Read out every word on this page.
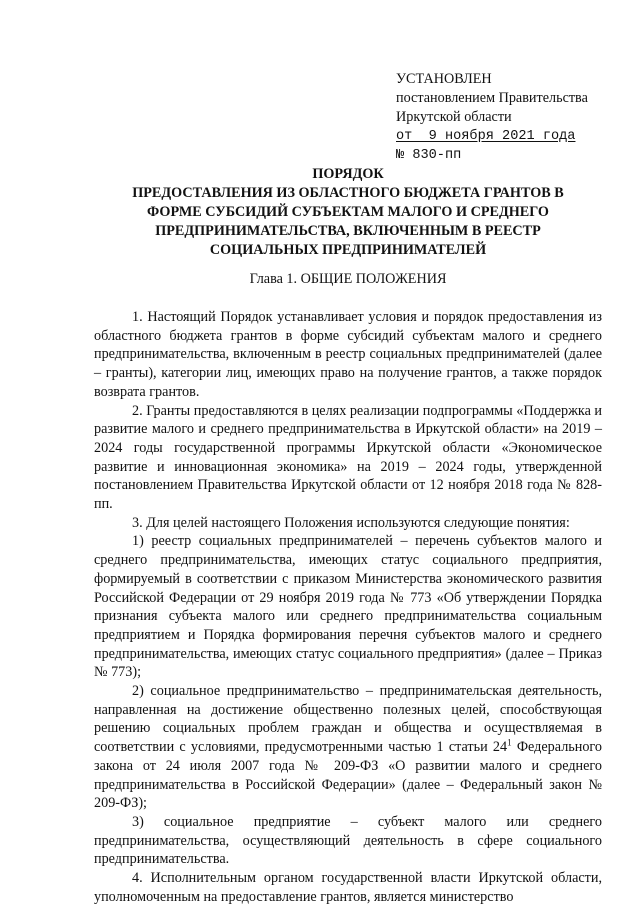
УСТАНОВЛЕН
постановлением Правительства
Иркутской области
от  9 ноября 2021 года
№ 830-пп
ПОРЯДОК
ПРЕДОСТАВЛЕНИЯ ИЗ ОБЛАСТНОГО БЮДЖЕТА ГРАНТОВ В
ФОРМЕ СУБСИДИЙ СУБЪЕКТАМ МАЛОГО И СРЕДНЕГО
ПРЕДПРИНИМАТЕЛЬСТВА, ВКЛЮЧЕННЫМ В РЕЕСТР
СОЦИАЛЬНЫХ ПРЕДПРИНИМАТЕЛЕЙ
Глава 1. ОБЩИЕ ПОЛОЖЕНИЯ

1. Настоящий Порядок устанавливает условия и порядок предоставления из областного бюджета грантов в форме субсидий субъектам малого и среднего предпринимательства, включенным в реестр социальных предпринимателей (далее – гранты), категории лиц, имеющих право на получение грантов, а также порядок возврата грантов.

2. Гранты предоставляются в целях реализации подпрограммы «Поддержка и развитие малого и среднего предпринимательства в Иркутской области» на 2019 – 2024 годы государственной программы Иркутской области «Экономическое развитие и инновационная экономика» на 2019 – 2024 годы, утвержденной постановлением Правительства Иркутской области от 12 ноября 2018 года № 828-пп.

3. Для целей настоящего Положения используются следующие понятия:

1) реестр социальных предпринимателей – перечень субъектов малого и среднего предпринимательства, имеющих статус социального предприятия, формируемый в соответствии с приказом Министерства экономического развития Российской Федерации от 29 ноября 2019 года № 773 «Об утверждении Порядка признания субъекта малого или среднего предпринимательства социальным предприятием и Порядка формирования перечня субъектов малого и среднего предпринимательства, имеющих статус социального предприятия» (далее – Приказ № 773);

2) социальное предпринимательство – предпринимательская деятельность, направленная на достижение общественно полезных целей, способствующая решению социальных проблем граждан и общества и осуществляемая в соответствии с условиями, предусмотренными частью 1 статьи $24^1$ Федерального закона от 24 июля 2007 года № 209-ФЗ «О развитии малого и среднего предпринимательства в Российской Федерации» (далее – Федеральный закон № 209-ФЗ);

3) социальное предприятие – субъект малого или среднего предпринимательства, осуществляющий деятельность в сфере социального предпринимательства.

4. Исполнительным органом государственной власти Иркутской области, уполномоченным на предоставление грантов, является министерство
